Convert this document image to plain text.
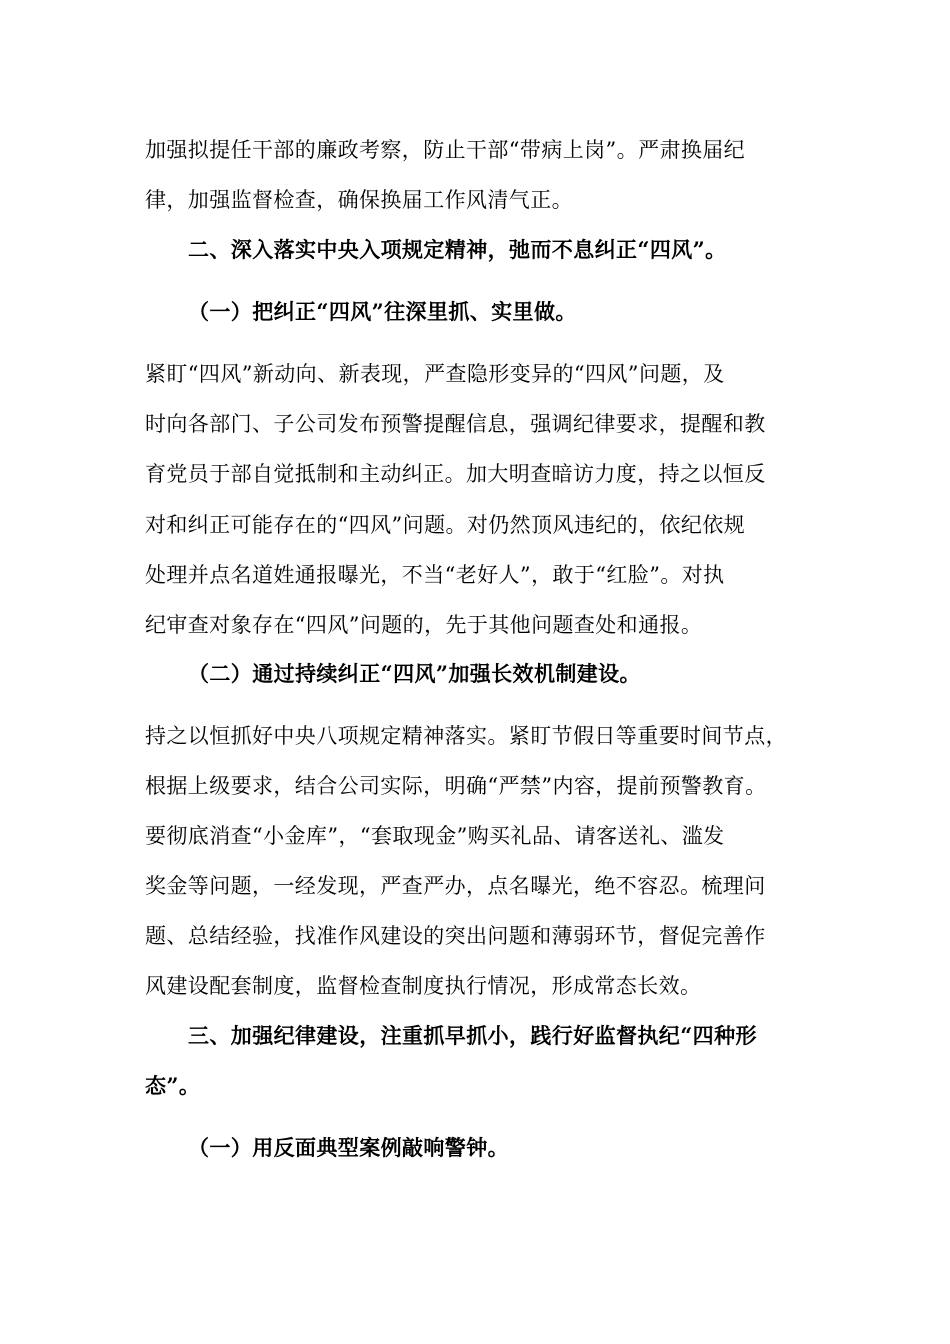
加强拟提任干部的廉政考察，防止干部“带病上岗”。严肃换届纪
律，加强监督检查，确保换届工作风清气正。
二、深入落实中央入项规定精神，弛而不息纠正“四风”。
（一）把纠正“四风”往深里抓、实里做。
紧盯“四风”新动向、新表现，严查隐形变异的“四风”问题，及
时向各部门、子公司发布预警提醒信息，强调纪律要求，提醒和教
育党员于部自觉抵制和主动纠正。加大明查暗访力度，持之以恒反
对和纠正可能存在的“四风”问题。对仍然顶风违纪的，依纪依规
处理并点名道姓通报曝光，不当“老好人”，敢于“红脸”。对执
纪审查对象存在“四风”问题的，先于其他问题查处和通报。
（二）通过持续纠正“四风”加强长效机制建设。
持之以恒抓好中央八项规定精神落实。紧盯节假日等重要时间节点，
根据上级要求，结合公司实际，明确“严禁”内容，提前预警教育。
要彻底消查“小金库”，“套取现金”购买礼品、请客送礼、滥发
奖金等问题，一经发现，严查严办，点名曝光，绝不容忍。梳理问
题、总结经验，找准作风建设的突出问题和薄弱环节，督促完善作
风建设配套制度，监督检查制度执行情况，形成常态长效。
三、加强纪律建设，注重抓早抓小，践行好监督执纪“四种形
态”。
（一）用反面典型案例敲响警钟。
